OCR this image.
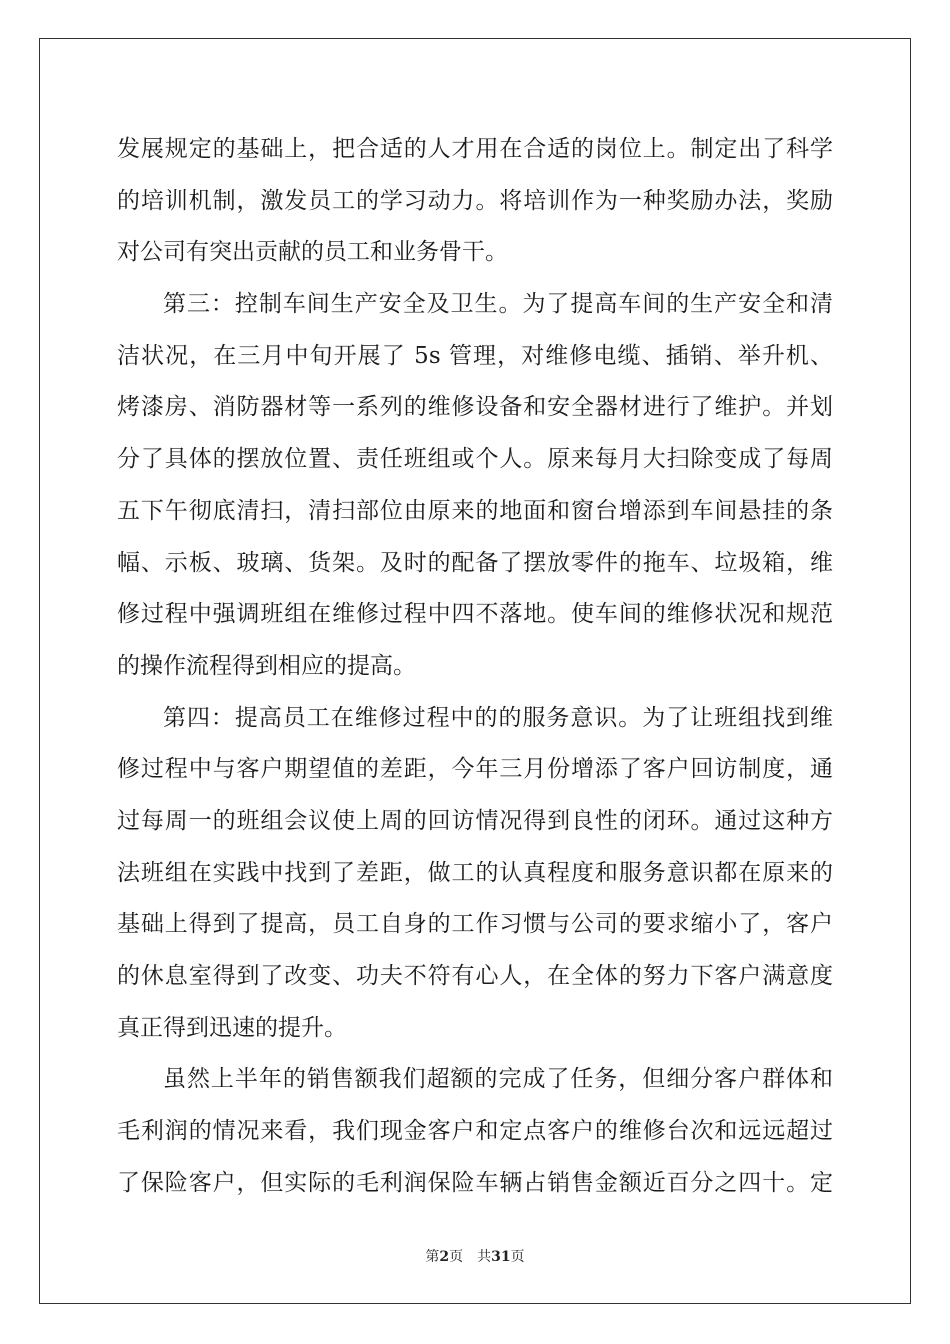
发展规定的基础上，把合适的人才用在合适的岗位上。制定出了科学
的培训机制，激发员工的学习动力。将培训作为一种奖励办法，奖励
对公司有突出贡献的员工和业务骨干。
第三：控制车间生产安全及卫生。为了提高车间的生产安全和清
洁状况，在三月中旬开展了 5s 管理，对维修电缆、插销、举升机、
烤漆房、消防器材等一系列的维修设备和安全器材进行了维护。并划
分了具体的摆放位置、责任班组或个人。原来每月大扫除变成了每周
五下午彻底清扫，清扫部位由原来的地面和窗台增添到车间悬挂的条
幅、示板、玻璃、货架。及时的配备了摆放零件的拖车、垃圾箱，维
修过程中强调班组在维修过程中四不落地。使车间的维修状况和规范
的操作流程得到相应的提高。
第四：提高员工在维修过程中的的服务意识。为了让班组找到维
修过程中与客户期望值的差距，今年三月份增添了客户回访制度，通
过每周一的班组会议使上周的回访情况得到良性的闭环。通过这种方
法班组在实践中找到了差距，做工的认真程度和服务意识都在原来的
基础上得到了提高，员工自身的工作习惯与公司的要求缩小了，客户
的休息室得到了改变、功夫不符有心人，在全体的努力下客户满意度
真正得到迅速的提升。
虽然上半年的销售额我们超额的完成了任务，但细分客户群体和
毛利润的情况来看，我们现金客户和定点客户的维修台次和远远超过
了保险客户，但实际的毛利润保险车辆占销售金额近百分之四十。定
第2页 共31页
